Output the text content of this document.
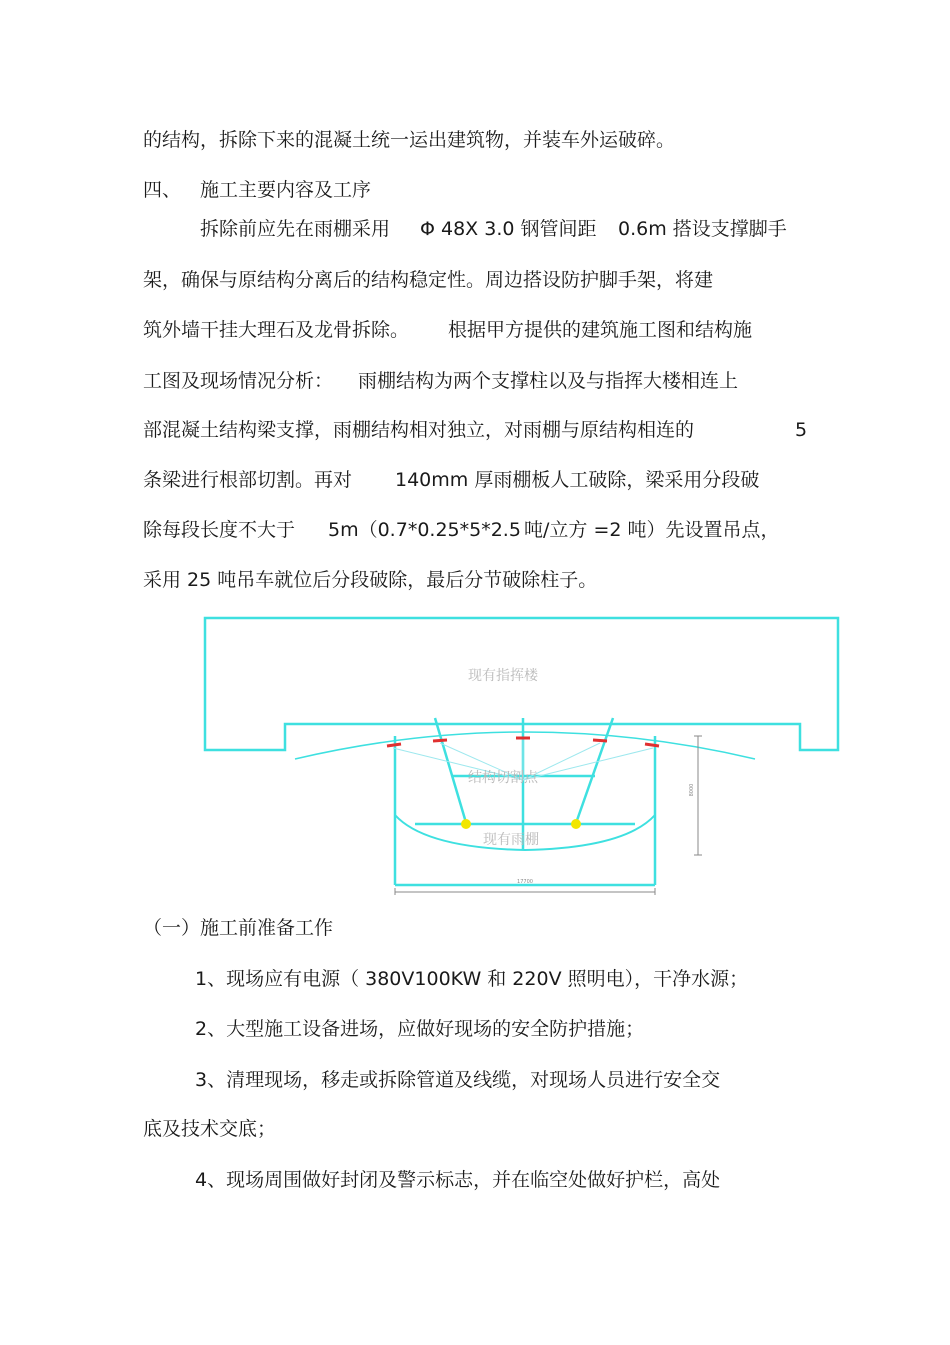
的结构，拆除下来的混凝土统一运出建筑物，并装车外运破碎。
四、 施工主要内容及工序
拆除前应先在雨棚采用 Φ 48X 3.0 钢管间距 0.6m 搭设支撑脚手
架，确保与原结构分离后的结构稳定性。周边搭设防护脚手架，将建
筑外墙干挂大理石及龙骨拆除。 根据甲方提供的建筑施工图和结构施
工图及现场情况分析： 雨棚结构为两个支撑柱以及与指挥大楼相连上
部混凝土结构梁支撑，雨棚结构相对独立，对雨棚与原结构相连的	5
条梁进行根部切割。再对 140mm 厚雨棚板人工破除，梁采用分段破
除每段长度不大于 5m（0.7*0.25*5*2.5 吨/立方 =2 吨）先设置吊点，
采用 25 吨吊车就位后分段破除，最后分节破除柱子。
现有指挥楼
结构切割点
现有雨棚
17700
8000
（一）施工前准备工作
1、现场应有电源（ 380V100KW 和 220V 照明电），干净水源；
2、大型施工设备进场，应做好现场的安全防护措施；
3、清理现场，移走或拆除管道及线缆，对现场人员进行安全交
底及技术交底；
4、现场周围做好封闭及警示标志，并在临空处做好护栏，高处
